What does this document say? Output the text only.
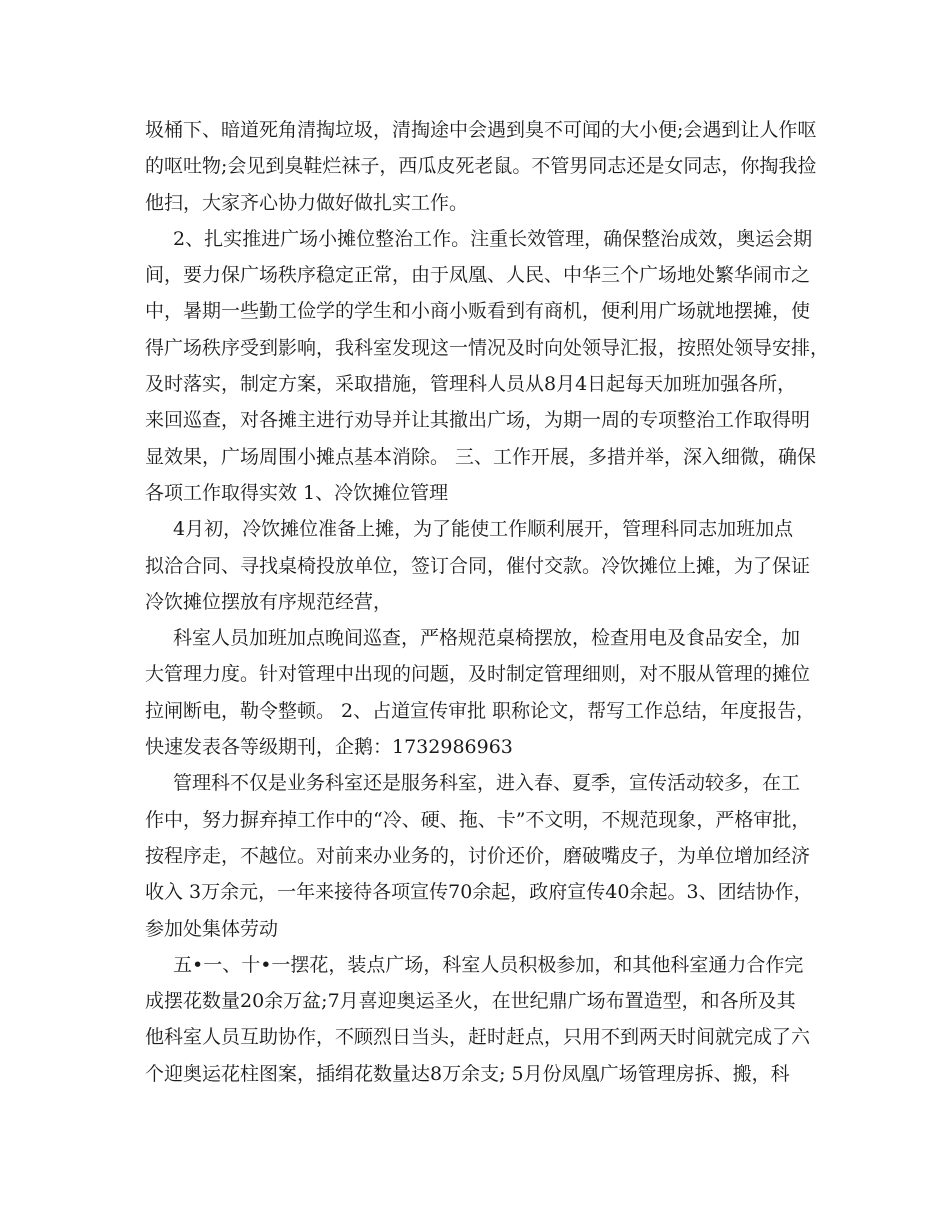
圾桶下、暗道死角清掏垃圾，清掏途中会遇到臭不可闻的大小便;会遇到让人作呕
的呕吐物;会见到臭鞋烂袜子，西瓜皮死老鼠。不管男同志还是女同志，你掏我捡
他扫，大家齐心协力做好做扎实工作。
2、扎实推进广场小摊位整治工作。注重长效管理，确保整治成效，奥运会期
间，要力保广场秩序稳定正常，由于凤凰、人民、中华三个广场地处繁华闹市之
中，暑期一些勤工俭学的学生和小商小贩看到有商机，便利用广场就地摆摊，使
得广场秩序受到影响，我科室发现这一情况及时向处领导汇报，按照处领导安排，
及时落实，制定方案，采取措施，管理科人员从8月4日起每天加班加强各所，
来回巡查，对各摊主进行劝导并让其撤出广场，为期一周的专项整治工作取得明
显效果，广场周围小摊点基本消除。 三、工作开展，多措并举，深入细微，确保
各项工作取得实效 1、冷饮摊位管理
4月初，冷饮摊位准备上摊，为了能使工作顺利展开，管理科同志加班加点
拟洽合同、寻找桌椅投放单位，签订合同，催付交款。冷饮摊位上摊，为了保证
冷饮摊位摆放有序规范经营，
科室人员加班加点晚间巡查，严格规范桌椅摆放，检查用电及食品安全，加
大管理力度。针对管理中出现的问题，及时制定管理细则，对不服从管理的摊位
拉闸断电，勒令整顿。 2、占道宣传审批 职称论文，帮写工作总结，年度报告，
快速发表各等级期刊，企鹅：1732986963
管理科不仅是业务科室还是服务科室，进入春、夏季，宣传活动较多，在工
作中，努力摒弃掉工作中的“冷、硬、拖、卡”不文明，不规范现象，严格审批，
按程序走，不越位。对前来办业务的，讨价还价，磨破嘴皮子，为单位增加经济
收入 3万余元，一年来接待各项宣传70余起，政府宣传40余起。3、团结协作，
参加处集体劳动
五•一、十•一摆花，装点广场，科室人员积极参加，和其他科室通力合作完
成摆花数量20余万盆;7月喜迎奥运圣火，在世纪鼎广场布置造型，和各所及其
他科室人员互助协作，不顾烈日当头，赶时赶点，只用不到两天时间就完成了六
个迎奥运花柱图案，插绢花数量达8万余支; 5月份凤凰广场管理房拆、搬，科
